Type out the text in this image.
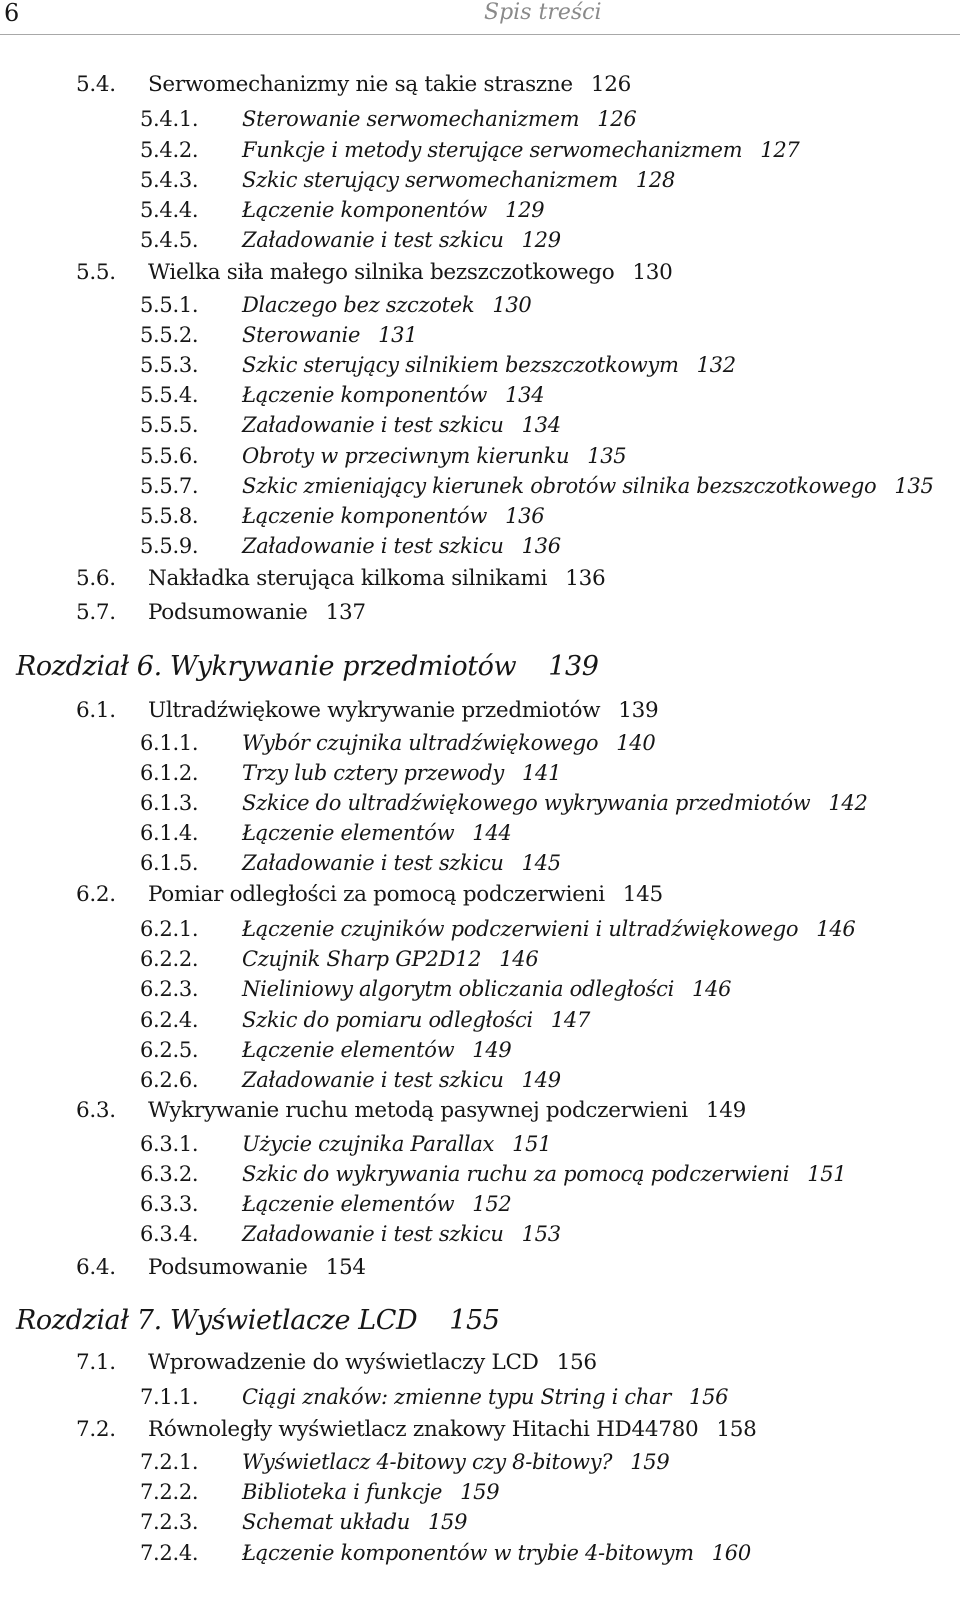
6	Spis treści
5.4. Serwomechanizmy nie są takie straszne 126
5.4.1. Sterowanie serwomechanizmem 126
5.4.2. Funkcje i metody sterujące serwomechanizmem 127
5.4.3. Szkic sterujący serwomechanizmem 128
5.4.4. Łączenie komponentów 129
5.4.5. Załadowanie i test szkicu 129
5.5. Wielka siła małego silnika bezszczotkowego 130
5.5.1. Dlaczego bez szczotek 130
5.5.2. Sterowanie 131
5.5.3. Szkic sterujący silnikiem bezszczotkowym 132
5.5.4. Łączenie komponentów 134
5.5.5. Załadowanie i test szkicu 134
5.5.6. Obroty w przeciwnym kierunku 135
5.5.7. Szkic zmieniający kierunek obrotów silnika bezszczotkowego 135
5.5.8. Łączenie komponentów 136
5.5.9. Załadowanie i test szkicu 136
5.6. Nakładka sterująca kilkoma silnikami 136
5.7. Podsumowanie 137
Rozdział 6. Wykrywanie przedmiotów 139
6.1. Ultradźwiękowe wykrywanie przedmiotów 139
6.1.1. Wybór czujnika ultradźwiękowego 140
6.1.2. Trzy lub cztery przewody 141
6.1.3. Szkice do ultradźwiękowego wykrywania przedmiotów 142
6.1.4. Łączenie elementów 144
6.1.5. Załadowanie i test szkicu 145
6.2. Pomiar odległości za pomocą podczerwieni 145
6.2.1. Łączenie czujników podczerwieni i ultradźwiękowego 146
6.2.2. Czujnik Sharp GP2D12 146
6.2.3. Nieliniowy algorytm obliczania odległości 146
6.2.4. Szkic do pomiaru odległości 147
6.2.5. Łączenie elementów 149
6.2.6. Załadowanie i test szkicu 149
6.3. Wykrywanie ruchu metodą pasywnej podczerwieni 149
6.3.1. Użycie czujnika Parallax 151
6.3.2. Szkic do wykrywania ruchu za pomocą podczerwieni 151
6.3.3. Łączenie elementów 152
6.3.4. Załadowanie i test szkicu 153
6.4. Podsumowanie 154
Rozdział 7. Wyświetlacze LCD 155
7.1. Wprowadzenie do wyświetlaczy LCD 156
7.1.1. Ciągi znaków: zmienne typu String i char 156
7.2. Równoległy wyświetlacz znakowy Hitachi HD44780 158
7.2.1. Wyświetlacz 4-bitowy czy 8-bitowy? 159
7.2.2. Biblioteka i funkcje 159
7.2.3. Schemat układu 159
7.2.4. Łączenie komponentów w trybie 4-bitowym 160
